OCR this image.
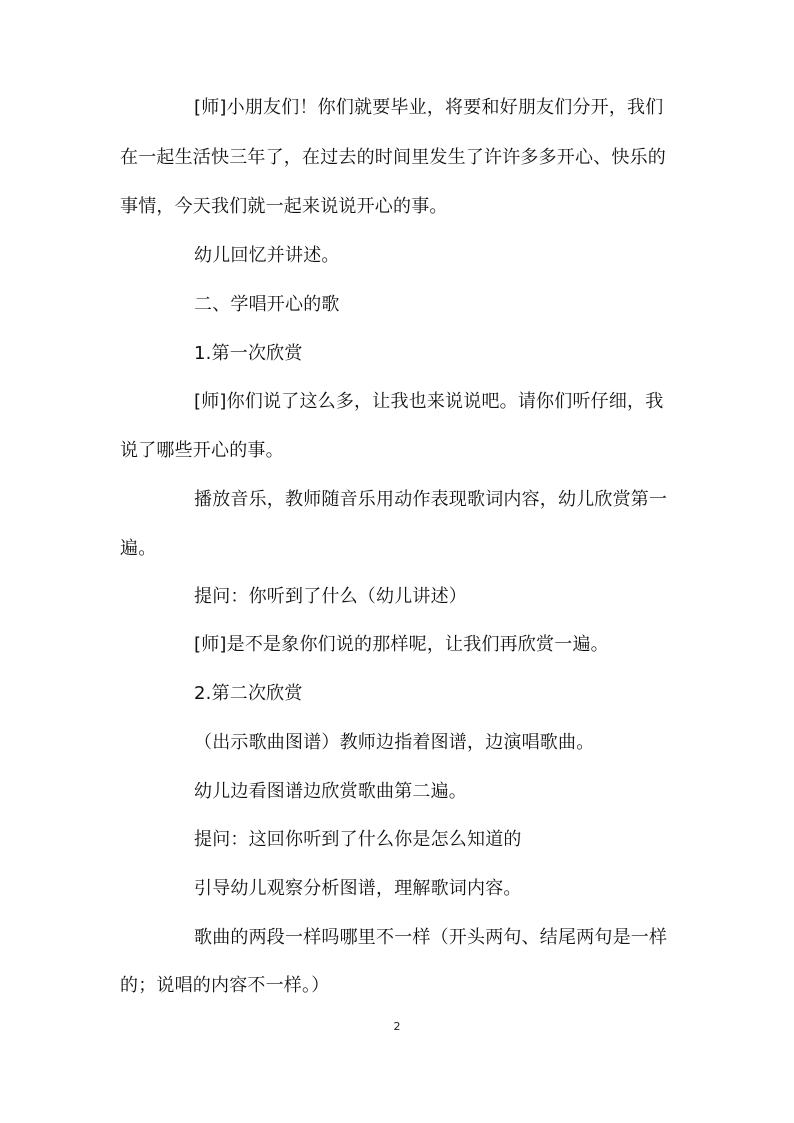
[师]小朋友们！你们就要毕业，将要和好朋友们分开，我们
在一起生活快三年了，在过去的时间里发生了许许多多开心、快乐的
事情，今天我们就一起来说说开心的事。
幼儿回忆并讲述。
二、学唱开心的歌
1.第一次欣赏
[师]你们说了这么多，让我也来说说吧。请你们听仔细，我
说了哪些开心的事。
播放音乐，教师随音乐用动作表现歌词内容，幼儿欣赏第一
遍。
提问：你听到了什么（幼儿讲述）
[师]是不是象你们说的那样呢，让我们再欣赏一遍。
2.第二次欣赏
（出示歌曲图谱）教师边指着图谱，边演唱歌曲。
幼儿边看图谱边欣赏歌曲第二遍。
提问：这回你听到了什么你是怎么知道的
引导幼儿观察分析图谱，理解歌词内容。
歌曲的两段一样吗哪里不一样（开头两句、结尾两句是一样
的；说唱的内容不一样。）
2
